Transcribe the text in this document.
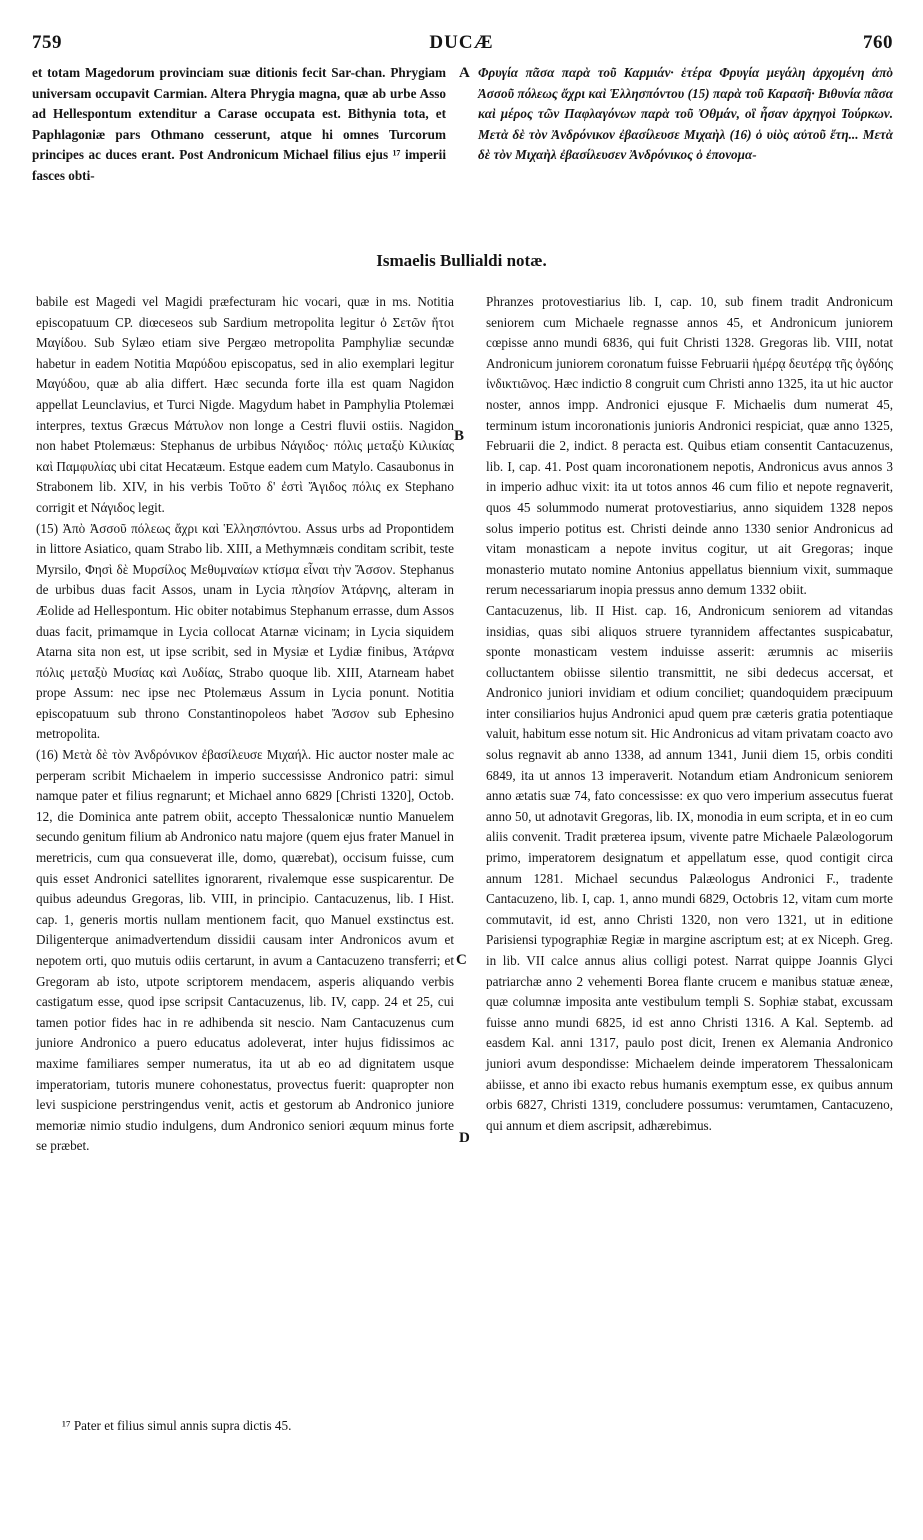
759	DUCÆ	760
et totam Magedorum provinciam suæ ditionis fecit Sar-chan. Phrygiam universam occupavit Carmian. Altera Phrygia magna, quæ ab urbe Asso ad Hellespontum extenditur a Carase occupata est. Bithynia tota, et Paphlagoniæ pars Othmano cesserunt, atque hi omnes Turcorum principes ac duces erant. Post Andronicum Michael filius ejus ¹⁷ imperii fasces obti-
Φρυγία πᾶσα παρὰ τοῦ Καρμιάν· ἑτέρα Φρυγία μεγάλη ἀρχομένη ἀπὸ Ἀσσοῦ πόλεως ἄχρι καὶ Ἑλλησπόντου (15) παρὰ τοῦ Καρασῆ· Βιθυνία πᾶσα καὶ μέρος τῶν Παφλαγόνων παρὰ τοῦ Ὀθμάν, οἳ ἦσαν ἀρχηγοὶ Τούρκων. Μετὰ δὲ τὸν Ἀνδρόνικον ἐβασίλευσε Μιχαὴλ (16) ὁ υἱὸς αὐτοῦ ἔτη... Μετὰ δὲ τὸν Μιχαὴλ ἐβασίλευσεν Ἀνδρόνικος ὁ ἐπονομα-
A
Ismaelis Bullialdi notæ.

babile est Magedi vel Magidi præfecturam hic vocari, quæ in ms. Notitia episcopatuum CP. diœceseos sub Sardium metropolita legitur ὁ Σετῶν ἤτοι Μαγίδου. Sub Sylæo etiam sive Pergæo metropolita Pamphyliæ secundæ habetur in eadem Notitia Μαρύδου episcopatus, sed in alio exemplari legitur Μαγύδου, quæ ab alia differt. Hæc secunda forte illa est quam Nagidon appellat Leunclavius, et Turci Nigde. Magydum habet in Pamphylia Ptolemæi interpres, textus Græcus Μάτυλον non longe a Cestri fluvii ostiis. Nagidon non habet Ptolemæus: Stephanus de urbibus Νάγιδος· πόλις μεταξὺ Κιλικίας καὶ Παμφυλίας ubi citat Hecatæum. Estque eadem cum Matylo. Casaubonus in Strabonem lib. XIV, in his verbis Τοῦτο δ' ἐστὶ Ἄγιδος πόλις ex Stephano corrigit et Νάγιδος legit.

(15) Ἀπὸ Ἀσσοῦ πόλεως ἄχρι καὶ Ἑλλησπόντου. Assus urbs ad Propontidem in littore Asiatico, quam Strabo lib. XIII, a Methymnæis conditam scribit, teste Myrsilo, Φησὶ δὲ Μυρσίλος Μεθυμναίων κτίσμα εἶναι τὴν Ἄσσον. Stephanus de urbibus duas facit Assos, unam in Lycia πλησίον Ἀτάρνης, alteram in Æolide ad Hellespontum. Hic obiter notabimus Stephanum errasse, dum Assos duas facit, primamque in Lycia collocat Atarnæ vicinam; in Lycia siquidem Atarna sita non est, ut ipse scribit, sed in Mysiæ et Lydiæ finibus, Ἀτάρνα πόλις μεταξὺ Μυσίας καὶ Λυδίας, Strabo quoque lib. XIII, Atarneam habet prope Assum: nec ipse nec Ptolemæus Assum in Lycia ponunt. Notitia episcopatuum sub throno Constantinopoleos habet Ἄσσον sub Ephesino metropolita.

(16) Μετὰ δὲ τὸν Ἀνδρόνικον ἐβασίλευσε Μιχαήλ. Hic auctor noster male ac perperam scribit Michaelem in imperio successisse Andronico patri: simul namque pater et filius regnarunt; et Michael anno 6829 [Christi 1320], Octob. 12, die Dominica ante patrem obiit, accepto Thessalonicæ nuntio Manuelem secundo genitum filium ab Andronico natu majore (quem ejus frater Manuel in meretricis, cum qua consueverat ille, domo, quærebat), occisum fuisse, cum quis esset Andronici satellites ignorarent, rivalemque esse suspicarentur. De quibus adeundus Gregoras, lib. VIII, in principio. Cantacuzenus, lib. I Hist. cap. 1, generis mortis nullam mentionem facit, quo Manuel exstinctus est. Diligenterque animadvertendum dissidii causam inter Andronicos avum et nepotem orti, quo mutuis odiis certarunt, in avum a Cantacuzeno transferri; et Gregoram ab isto, utpote scriptorem mendacem, asperis aliquando verbis castigatum esse, quod ipse scripsit Cantacuzenus, lib. IV, capp. 24 et 25, cui tamen potior fides hac in re adhibenda sit nescio. Nam Cantacuzenus cum juniore Andronico a puero educatus adoleverat, inter hujus fidissimos ac maxime familiares semper numeratus, ita ut ab eo ad dignitatem usque imperatoriam, tutoris munere cohonestatus, provectus fuerit: quapropter non levi suspicione perstringendus venit, actis et gestorum ab Andronico juniore memoriæ nimio studio indulgens, dum Andronico seniori æquum minus forte se præbet.

Phranzes protovestiarius lib. I, cap. 10, sub finem tradit Andronicum seniorem cum Michaele regnasse annos 45, et Andronicum juniorem cœpisse anno mundi 6836, qui fuit Christi 1328. Gregoras lib. VIII, notat Andronicum juniorem coronatum fuisse Februarii ἡμέρᾳ δευτέρᾳ τῆς ὀγδόης ἰνδικτιῶνος. Hæc indictio 8 congruit cum Christi anno 1325, ita ut hic auctor noster, annos impp. Andronici ejusque F. Michaelis dum numerat 45, terminum istum incoronationis junioris Andronici respiciat, quæ anno 1325, Februarii die 2, indict. 8 peracta est. Quibus etiam consentit Cantacuzenus, lib. I, cap. 41. Post quam incoronationem nepotis, Andronicus avus annos 3 in imperio adhuc vixit: ita ut totos annos 46 cum filio et nepote regnaverit, quos 45 solummodo numerat protovestiarius, anno siquidem 1328 nepos solus imperio potitus est. Christi deinde anno 1330 senior Andronicus ad vitam monasticam a nepote invitus cogitur, ut ait Gregoras; inque monasterio mutato nomine Antonius appellatus biennium vixit, summaque rerum necessariarum inopia pressus anno demum 1332 obiit.

Cantacuzenus, lib. II Hist. cap. 16, Andronicum seniorem ad vitandas insidias, quas sibi aliquos struere tyrannidem affectantes suspicabatur, sponte monasticam vestem induisse asserit: ærumnis ac miseriis colluctantem obiisse silentio transmittit, ne sibi dedecus accersat, et Andronico juniori invidiam et odium conciliet; quandoquidem præcipuum inter consiliarios hujus Andronici apud quem præ cæteris gratia potentiaque valuit, habitum esse notum sit. Hic Andronicus ad vitam privatam coacto avo solus regnavit ab anno 1338, ad annum 1341, Junii diem 15, orbis conditi 6849, ita ut annos 13 imperaverit. Notandum etiam Andronicum seniorem anno ætatis suæ 74, fato concessisse: ex quo vero imperium assecutus fuerat anno 50, ut adnotavit Gregoras, lib. IX, monodia in eum scripta, et in eo cum aliis convenit. Tradit præterea ipsum, vivente patre Michaele Palæologorum primo, imperatorem designatum et appellatum esse, quod contigit circa annum 1281. Michael secundus Palæologus Andronici F., tradente Cantacuzeno, lib. I, cap. 1, anno mundi 6829, Octobris 12, vitam cum morte commutavit, id est, anno Christi 1320, non vero 1321, ut in editione Parisiensi typographiæ Regiæ in margine ascriptum est; at ex Niceph. Greg. in lib. VII calce annus alius colligi potest. Narrat quippe Joannis Glyci patriarchæ anno 2 vehementi Borea flante crucem e manibus statuæ æneæ, quæ columnæ imposita ante vestibulum templi S. Sophiæ stabat, excussam fuisse anno mundi 6825, id est anno Christi 1316. A Kal. Septemb. ad easdem Kal. anni 1317, paulo post dicit, Irenen ex Alemania Andronico juniori avum despondisse: Michaelem deinde imperatorem Thessalonicam abiisse, et anno ibi exacto rebus humanis exemptum esse, ex quibus annum orbis 6827, Christi 1319, concludere possumus: verumtamen, Cantacuzeno, qui annum et diem ascripsit, adhærebimus.

B
C
D
¹⁷ Pater et filius simul annis supra dictis 45.
